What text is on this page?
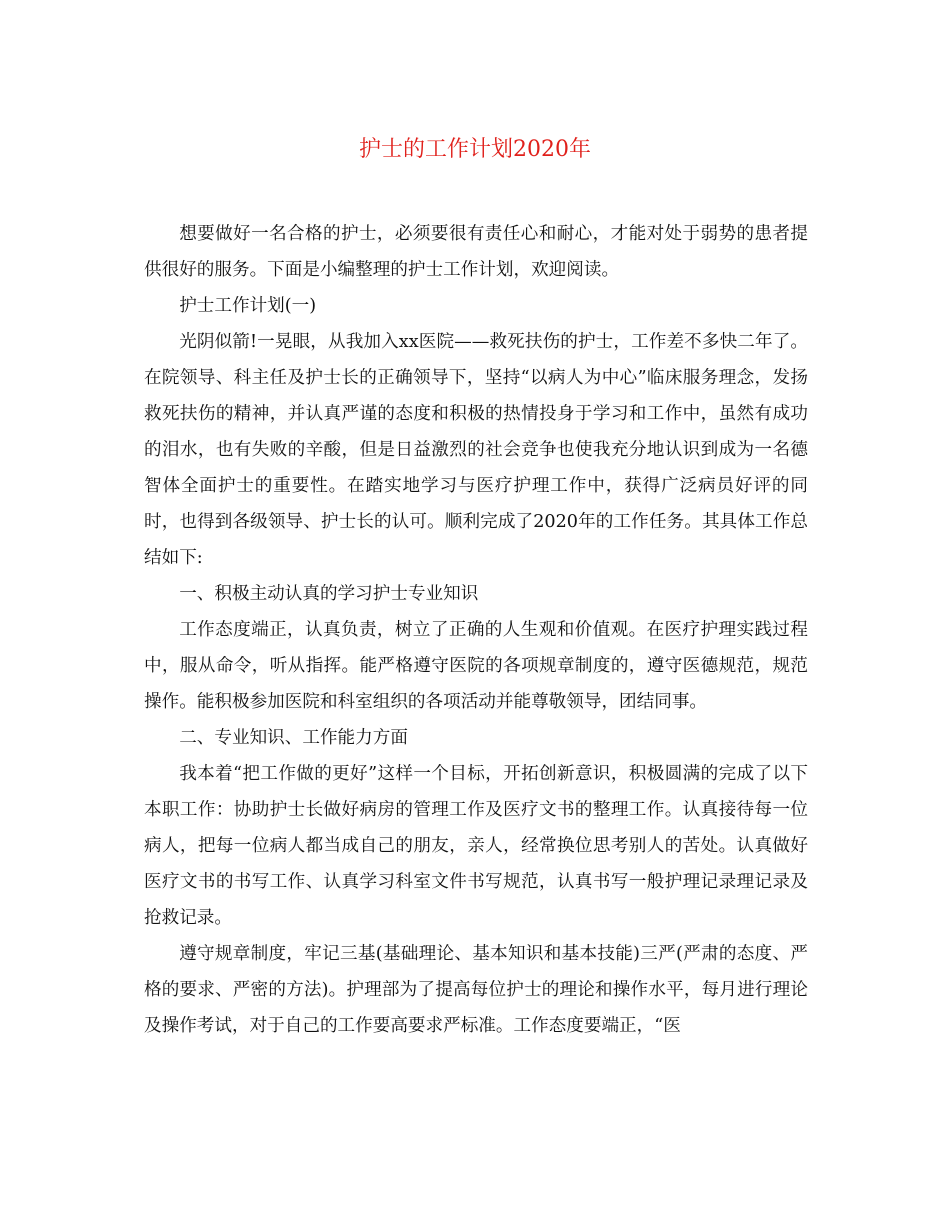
护士的工作计划2020年

想要做好一名合格的护士，必须要很有责任心和耐心，才能对处于弱势的患者提供很好的服务。下面是小编整理的护士工作计划，欢迎阅读。

护士工作计划(一)

光阴似箭!一晃眼，从我加入xx医院——救死扶伤的护士，工作差不多快二年了。在院领导、科主任及护士长的正确领导下，坚持“以病人为中心”临床服务理念，发扬救死扶伤的精神，并认真严谨的态度和积极的热情投身于学习和工作中，虽然有成功的泪水，也有失败的辛酸，但是日益激烈的社会竞争也使我充分地认识到成为一名德智体全面护士的重要性。在踏实地学习与医疗护理工作中，获得广泛病员好评的同时，也得到各级领导、护士长的认可。顺利完成了2020年的工作任务。其具体工作总结如下:

一、积极主动认真的学习护士专业知识

工作态度端正，认真负责，树立了正确的人生观和价值观。在医疗护理实践过程中，服从命令，听从指挥。能严格遵守医院的各项规章制度的，遵守医德规范，规范操作。能积极参加医院和科室组织的各项活动并能尊敬领导，团结同事。

二、专业知识、工作能力方面

我本着“把工作做的更好”这样一个目标，开拓创新意识，积极圆满的完成了以下本职工作：协助护士长做好病房的管理工作及医疗文书的整理工作。认真接待每一位病人，把每一位病人都当成自己的朋友，亲人，经常换位思考别人的苦处。认真做好医疗文书的书写工作、认真学习科室文件书写规范，认真书写一般护理记录理记录及抢救记录。

遵守规章制度，牢记三基(基础理论、基本知识和基本技能)三严(严肃的态度、严格的要求、严密的方法)。护理部为了提高每位护士的理论和操作水平，每月进行理论及操作考试，对于自己的工作要高要求严标准。工作态度要端正，“医
